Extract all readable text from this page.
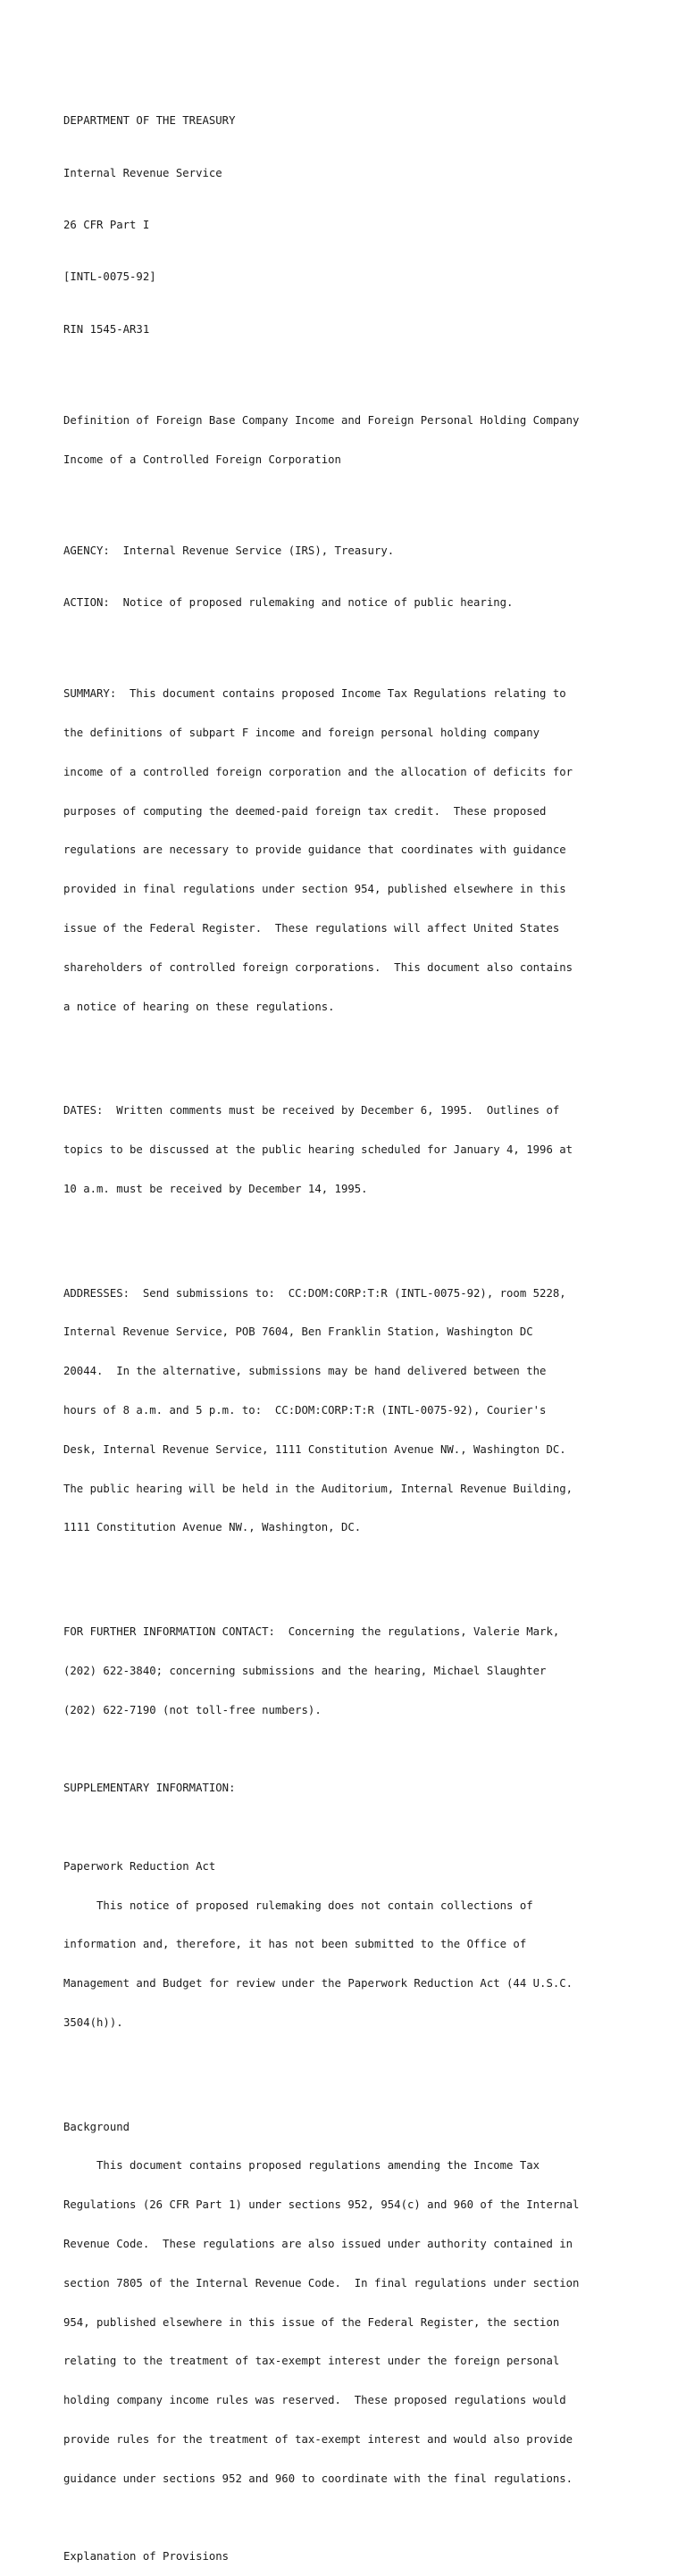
DEPARTMENT OF THE TREASURY

Internal Revenue Service

26 CFR Part I

[INTL-0075-92]

RIN 1545-AR31

Definition of Foreign Base Company Income and Foreign Personal Holding Company

Income of a Controlled Foreign Corporation

AGENCY:  Internal Revenue Service (IRS), Treasury.

ACTION:  Notice of proposed rulemaking and notice of public hearing.

SUMMARY:  This document contains proposed Income Tax Regulations relating to

the definitions of subpart F income and foreign personal holding company

income of a controlled foreign corporation and the allocation of deficits for

purposes of computing the deemed-paid foreign tax credit.  These proposed

regulations are necessary to provide guidance that coordinates with guidance

provided in final regulations under section 954, published elsewhere in this

issue of the Federal Register.  These regulations will affect United States

shareholders of controlled foreign corporations.  This document also contains

a notice of hearing on these regulations.

DATES:  Written comments must be received by December 6, 1995.  Outlines of

topics to be discussed at the public hearing scheduled for January 4, 1996 at

10 a.m. must be received by December 14, 1995.

ADDRESSES:  Send submissions to:  CC:DOM:CORP:T:R (INTL-0075-92), room 5228,

Internal Revenue Service, POB 7604, Ben Franklin Station, Washington DC

20044.  In the alternative, submissions may be hand delivered between the

hours of 8 a.m. and 5 p.m. to:  CC:DOM:CORP:T:R (INTL-0075-92), Courier's

Desk, Internal Revenue Service, 1111 Constitution Avenue NW., Washington DC.

The public hearing will be held in the Auditorium, Internal Revenue Building,

1111 Constitution Avenue NW., Washington, DC.

FOR FURTHER INFORMATION CONTACT:  Concerning the regulations, Valerie Mark,

(202) 622-3840; concerning submissions and the hearing, Michael Slaughter

(202) 622-7190 (not toll-free numbers).

SUPPLEMENTARY INFORMATION:

Paperwork Reduction Act

This notice of proposed rulemaking does not contain collections of

information and, therefore, it has not been submitted to the Office of

Management and Budget for review under the Paperwork Reduction Act (44 U.S.C.

3504(h)).

Background

This document contains proposed regulations amending the Income Tax

Regulations (26 CFR Part 1) under sections 952, 954(c) and 960 of the Internal

Revenue Code.  These regulations are also issued under authority contained in

section 7805 of the Internal Revenue Code.  In final regulations under section

954, published elsewhere in this issue of the Federal Register, the section

relating to the treatment of tax-exempt interest under the foreign personal

holding company income rules was reserved.  These proposed regulations would

provide rules for the treatment of tax-exempt interest and would also provide

guidance under sections 952 and 960 to coordinate with the final regulations.

Explanation of Provisions
